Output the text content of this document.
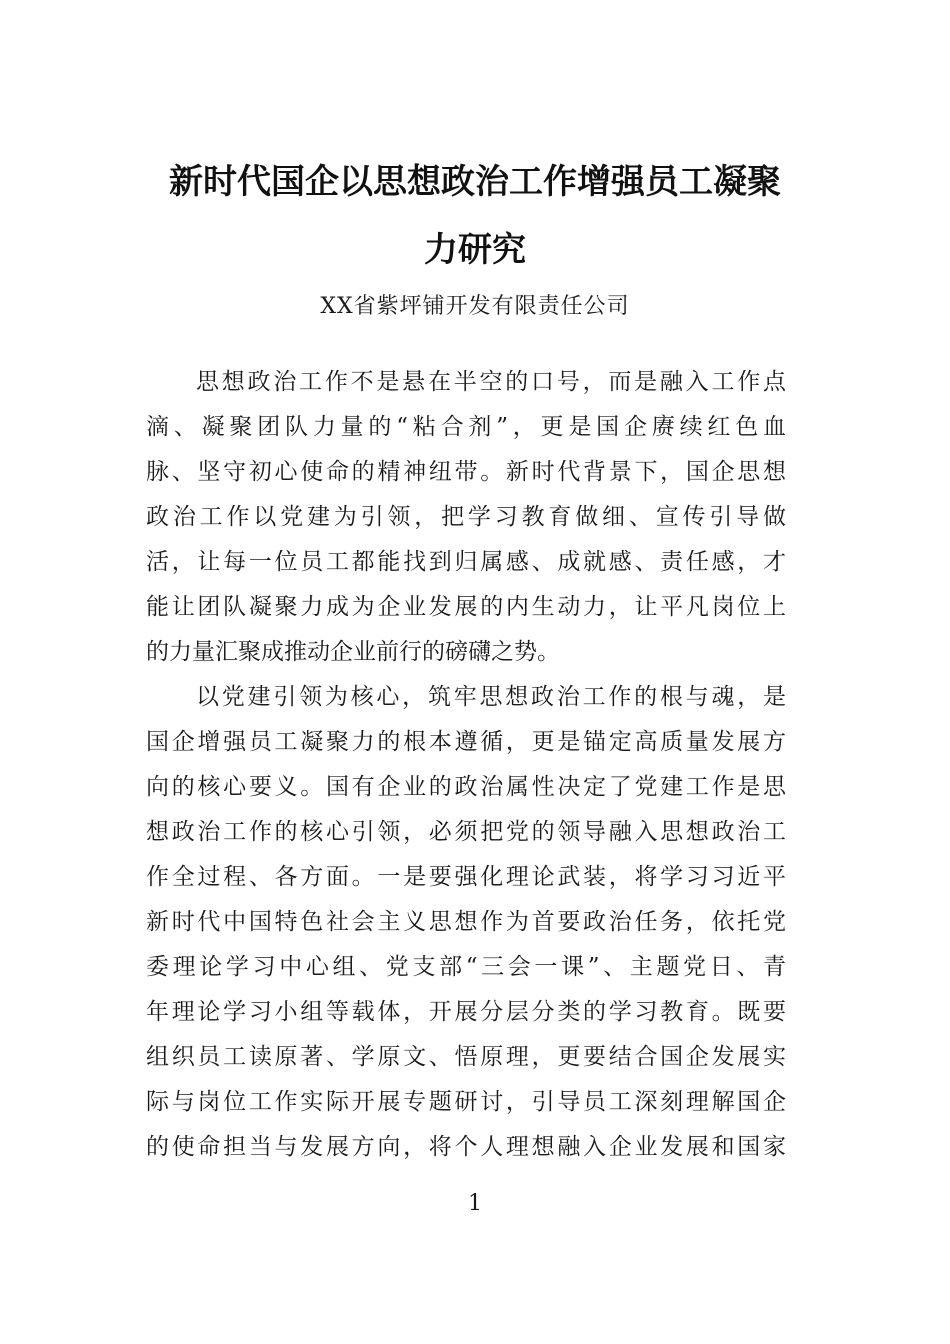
新时代国企以思想政治工作增强员工凝聚
力研究
XX省紫坪铺开发有限责任公司
思想政治工作不是悬在半空的口号，而是融入工作点
滴、凝聚团队力量的“粘合剂”，更是国企赓续红色血
脉、坚守初心使命的精神纽带。新时代背景下，国企思想
政治工作以党建为引领，把学习教育做细、宣传引导做
活，让每一位员工都能找到归属感、成就感、责任感，才
能让团队凝聚力成为企业发展的内生动力，让平凡岗位上
的力量汇聚成推动企业前行的磅礴之势。
以党建引领为核心，筑牢思想政治工作的根与魂，是
国企增强员工凝聚力的根本遵循，更是锚定高质量发展方
向的核心要义。国有企业的政治属性决定了党建工作是思
想政治工作的核心引领，必须把党的领导融入思想政治工
作全过程、各方面。一是要强化理论武装，将学习习近平
新时代中国特色社会主义思想作为首要政治任务，依托党
委理论学习中心组、党支部“三会一课”、主题党日、青
年理论学习小组等载体，开展分层分类的学习教育。既要
组织员工读原著、学原文、悟原理，更要结合国企发展实
际与岗位工作实际开展专题研讨，引导员工深刻理解国企
的使命担当与发展方向，将个人理想融入企业发展和国家
1
